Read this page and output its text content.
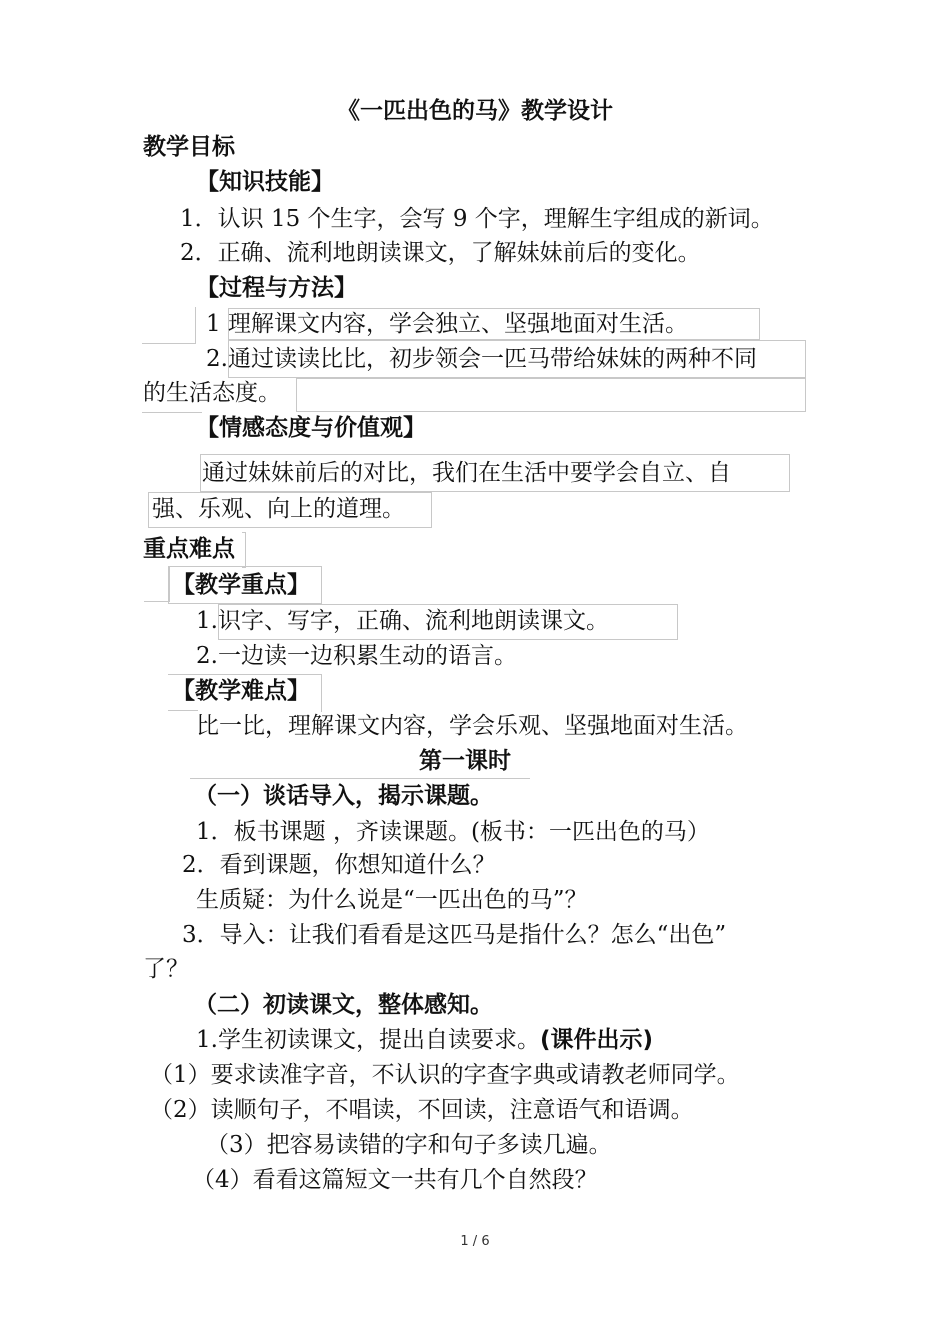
《一匹出色的马》教学设计
教学目标
【知识技能】
1．认识 15 个生字，会写 9 个字，理解生字组成的新词。
2．正确、流利地朗读课文，了解妹妹前后的变化。
【过程与方法】
1 理解课文内容，学会独立、坚强地面对生活。
2.通过读读比比，初步领会一匹马带给妹妹的两种不同
的生活态度。
【情感态度与价值观】
通过妹妹前后的对比，我们在生活中要学会自立、自
强、乐观、向上的道理。
重点难点
【教学重点】
1.识字、写字，正确、流利地朗读课文。
2.一边读一边积累生动的语言。
【教学难点】
比一比，理解课文内容，学会乐观、坚强地面对生活。
第一课时
（一）谈话导入，揭示课题。
1．板书课题 ，齐读课题。(板书：一匹出色的马）
2．看到课题，你想知道什么？
生质疑：为什么说是“一匹出色的马”？
3．导入：让我们看看是这匹马是指什么？怎么“出色”
了？
（二）初读课文，整体感知。
1.学生初读课文，提出自读要求。(课件出示)
（1）要求读准字音，不认识的字查字典或请教老师同学。
（2）读顺句子，不唱读，不回读，注意语气和语调。
（3）把容易读错的字和句子多读几遍。
（4）看看这篇短文一共有几个自然段？
1 / 6
